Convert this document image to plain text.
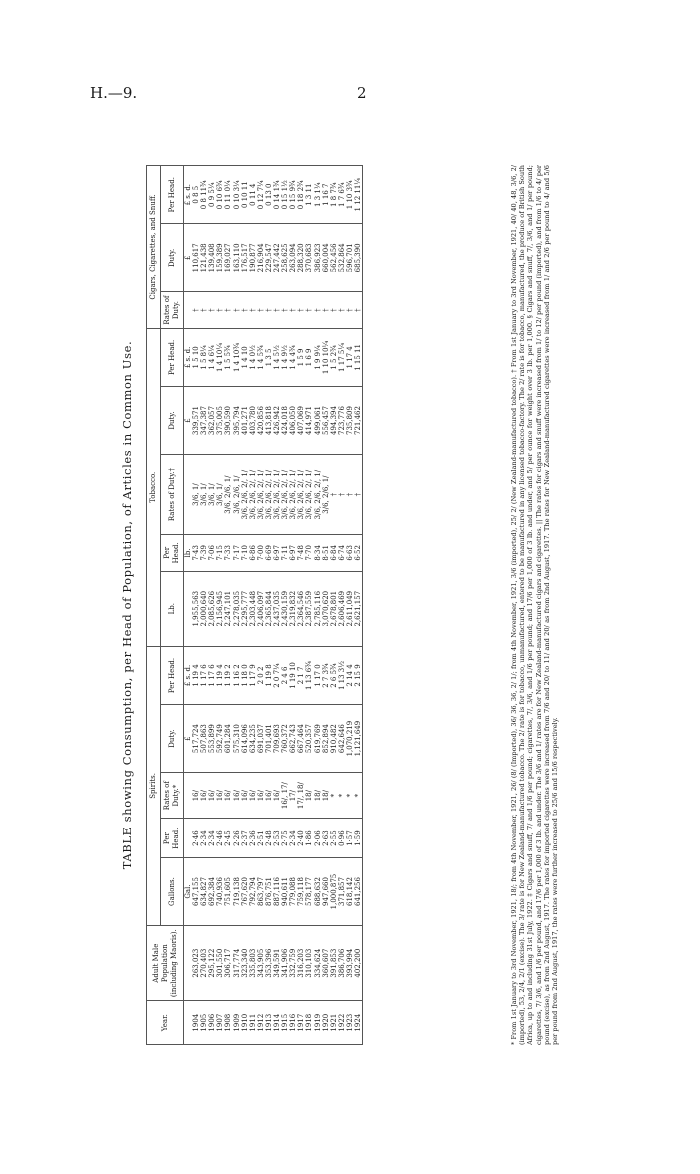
H.—9.	2
TABLE showing Consumption, per Head of Population, of Articles in Common Use.
Year.	Adult Male Population (including Maoris).	Spirits.					Tobacco.					Cigars, Cigarettes, and Snuff.		
		Gallons.	Per Head.	Rates of Duty.*	Duty.	Per Head.	Lb.	Per Head.	Rates of Duty.†	Duty.	Per Head.	Rates of Duty.	Duty.	Per Head.
		Gal.			£	£ s. d.		lb.		£	£ s. d.		£	£ s. d.
1904	263,023	647,155	2·46	16/	517,724	1 19 4	1,955,563	7·43	3/6, 1/	339,571	1 5 10	†	110,617	0 8 5
1905	270,403	634,827	2·34	16/	507,863	1 17 6	2,000,640	7·39	3/6, 1/	347,387	1 5 8¼	†	121,438	0 8 11¾
1906	295,122	692,384	2·34	16/	553,899	1 17 6	2,085,626	7·06	3/6, 1/	362,057	1 4 6¼	†	139,408	0 9 5¼
1907	301,550	740,936	2·46	16/	592,749	1 19 4	2,156,945	7·15	3/6, 1/	375,005	1 4 10¼	†	159,389	0 10 6¾
1908	306,717	751,605	2·45	16/	601,284	1 19 2	2,247,101	7·33	3/6, 2/6, 1/	390,590	1 5 5¾	†	169,027	0 11 0¼
1909	317,774	719,138	2·26	16/	575,310	1 16 2	2,278,035	7·17	3/6, 2/6, 1/	395,794	1 4 10¾	†	163,110	0 10 3¼
1910	323,340	767,620	2·37	16/	614,096	1 18 0	2,295,777	7·10	3/6, 2/6, 2/, 1/	401,271	1 4 10	†	176,517	0 10 11
1911	335,803	792,794	2·36	16/	634,235	1 17 9	2,303,448	6·86	3/6, 2/6, 2/, 1/	403,780	1 4 0½	†	190,877	0 11 4
1912	343,905	863,797	2·51	16/	691,037	2 0 2	2,406,097	7·00	3/6, 2/6, 2/, 1/	420,856	1 4 5¾	†	216,904	0 12 7¼
1913	353,396	876,751	2·48	16/	701,401	1 19 8	2,365,844	6·69	3/6, 2/6, 2/, 1/	413,818	1 3 5	†	229,547	0 13 0
1914	349,591	887,116	2·53	16/	709,693	2 0 7¼	2,437,035	6·97	3/6, 2/6, 2/, 1/	426,942	1 4 5½	†	247,442	0 14 1¾
1915	341,906	940,611	2·75	16/, 17/	760,372	2 4 6	2,430,159	7·11	3/6, 2/6, 2/, 1/	424,018	1 4 9½	†	258,625	0 15 1½
1916	332,759	779,088	2·34	17/	662,743	1 19 10	2,319,832	6·97	3/6, 2/6, 2/, 1/	406,050	1 4 4¾	†	263,094	0 15 9¾
1917	316,203	759,118	2·40	17/, 18/	667,464	2 1 7	2,364,546	7·48	3/6, 2/6, 2/, 1/	407,069	1 5 9	†	288,320	0 18 2¾
1918	310,103	578,177	1·86	18/	520,357	1 13 6¾	2,387,559	7·70	3/6, 2/6, 2/, 1/	414,971	1 6 9	†	370,683	1 3 11
1919	334,624	688,632	2·06	18/	619,769	1 17 0	2,785,116	8·34	3/6, 2/6, 2/, 1/	499,061	1 9 9¼	†	386,923	1 3 1¼
1920	360,607	947,660	2·63	18/	852,894	2 7 3¾	3,070,620	8·51	3/6, 2/6, 1/	556,457	1 10 10¼	†	660,004	1 16 7
1921	391,853	1,000,875	2·55	*	910,482	2 6 5¾	2,678,801	6·84	†	494,394	1 5 2¾	†	562,456	1 8 7¾
1922	386,706	371,857	0·96	*	642,646	1 13 3½	2,606,469	6·74	†	723,776	1 17 5¼	†	532,864	1 7 6¾
1923	393,994	618,142	1·57	*	1,070,219	2 14 4	2,611,049	6·63	†	735,809	1 17 4	†	596,701	1 10 3¾
1924	402,200	641,256	1·59	*	1,121,649	2 15 9	2,621,157	6·52	†	721,462	1 15 11	†	685,390	1 12 11¼	* From 1st January to 3rd November, 1921, 18/; from 4th November, 1921, 26/ (8/ (Imported), 36/ 36, 36, 2/ 1/; from 4th November, 1921, 3/6 (imported), 25/ 2/ (New Zealand-manufactured tobacco). † From 1st January to 3rd November, 1921, 40/ 40, 48, 3/6, 2/ (imported), 53, 2/4, 2/1 (excise). The 3/ rate is for New Zealand-manufactured tobacco. The 2/ rate is for tobacco, unmanufactured, entered to be manufactured in any licensed tobacco-factory. The 2/ rate is for tobacco, manufactured, the produce of British South Africa, up to and including 31st July, 1922. ‡ Cigars and snuff, 7/ and 1/6 per pound; cigarettes, 7/, 3/6, and 1/6 per pound; and 17/6 per 1,000 of 3 lb. and under, and 5/ per ounce for weight over 3 lb. per 1,000. § Cigars and snuff, 7/, 3/6, and 1/ per pound; cigarettes, 7/ 3/6, and 1/6 per pound, and 17/6 per 1,000 of 3 lb. and under. The 3/6 and 1/ rates are for New Zealand-manufactured cigars and cigarettes. || The rates for cigars and snuff were increased from 1/ to 12/ per pound (imported), and from 1/6 to 4/ per pound (excise), as from 2nd August, 1917. The rates for imported cigarettes were increased from 7/6 and 20/ to 11/ and 20/ as from 2nd August, 1917. The rates for New Zealand-manufactured cigarettes were increased from 1/ and 2/6 per pound to 4/ and 5/6 per pound from 2nd August, 1917, the rates were further increased to 25/6 and 15/6 respectively.
